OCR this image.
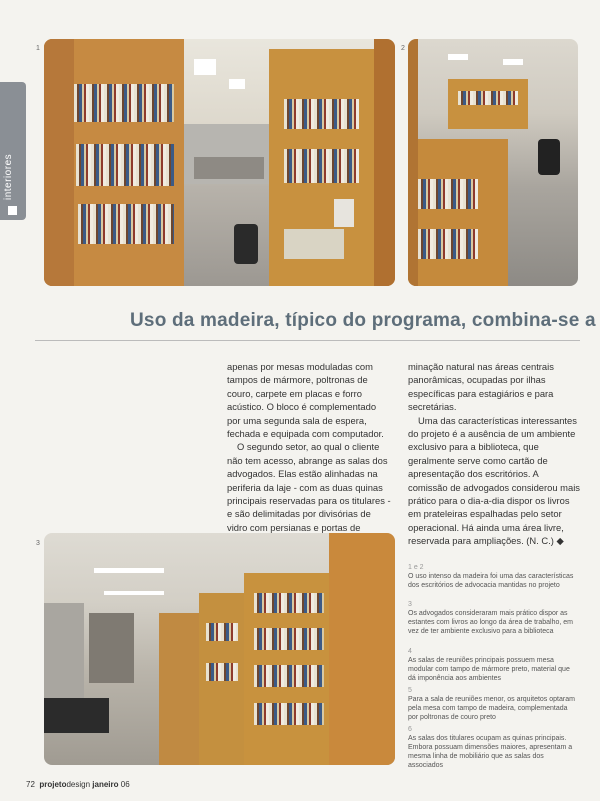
interiores
1	2
Uso da madeira, típico do programa, combina-se a

apenas por mesas moduladas com tampos de mármore, poltronas de couro, carpete em placas e forro acústico. O bloco é complementado por uma segunda sala de espera, fechada e equipada com computador.

O segundo setor, ao qual o cliente não tem acesso, abrange as salas dos advogados. Elas estão alinhadas na periferia da laje - com as duas quinas principais reservadas para os titulares - e são delimitadas por divisórias de vidro com persianas e portas de

minação natural nas áreas centrais panorâmicas, ocupadas por ilhas específicas para estagiários e para secretárias.

Uma das características interessantes do projeto é a ausência de um ambiente exclusivo para a biblioteca, que geralmente serve como cartão de apresentação dos escritórios. A comissão de advogados considerou mais prático para o dia-a-dia dispor os livros em prateleiras espalhadas pelo setor operacional. Há ainda uma área livre, reservada para ampliações. (N. C.) ◆

3
1 e 2
O uso intenso da madeira foi uma das características dos escritórios de advocacia mantidas no projeto
3
Os advogados consideraram mais prático dispor as estantes com livros ao longo da área de trabalho, em vez de ter ambiente exclusivo para a biblioteca
4
As salas de reuniões principais possuem mesa modular com tampo de mármore preto, material que dá imponência aos ambientes
5
Para a sala de reuniões menor, os arquitetos optaram pela mesa com tampo de madeira, complementada por poltronas de couro preto
6
As salas dos titulares ocupam as quinas principais. Embora possuam dimensões maiores, apresentam a mesma linha de mobiliário que as salas dos associados
72 projetodesign janeiro 06
